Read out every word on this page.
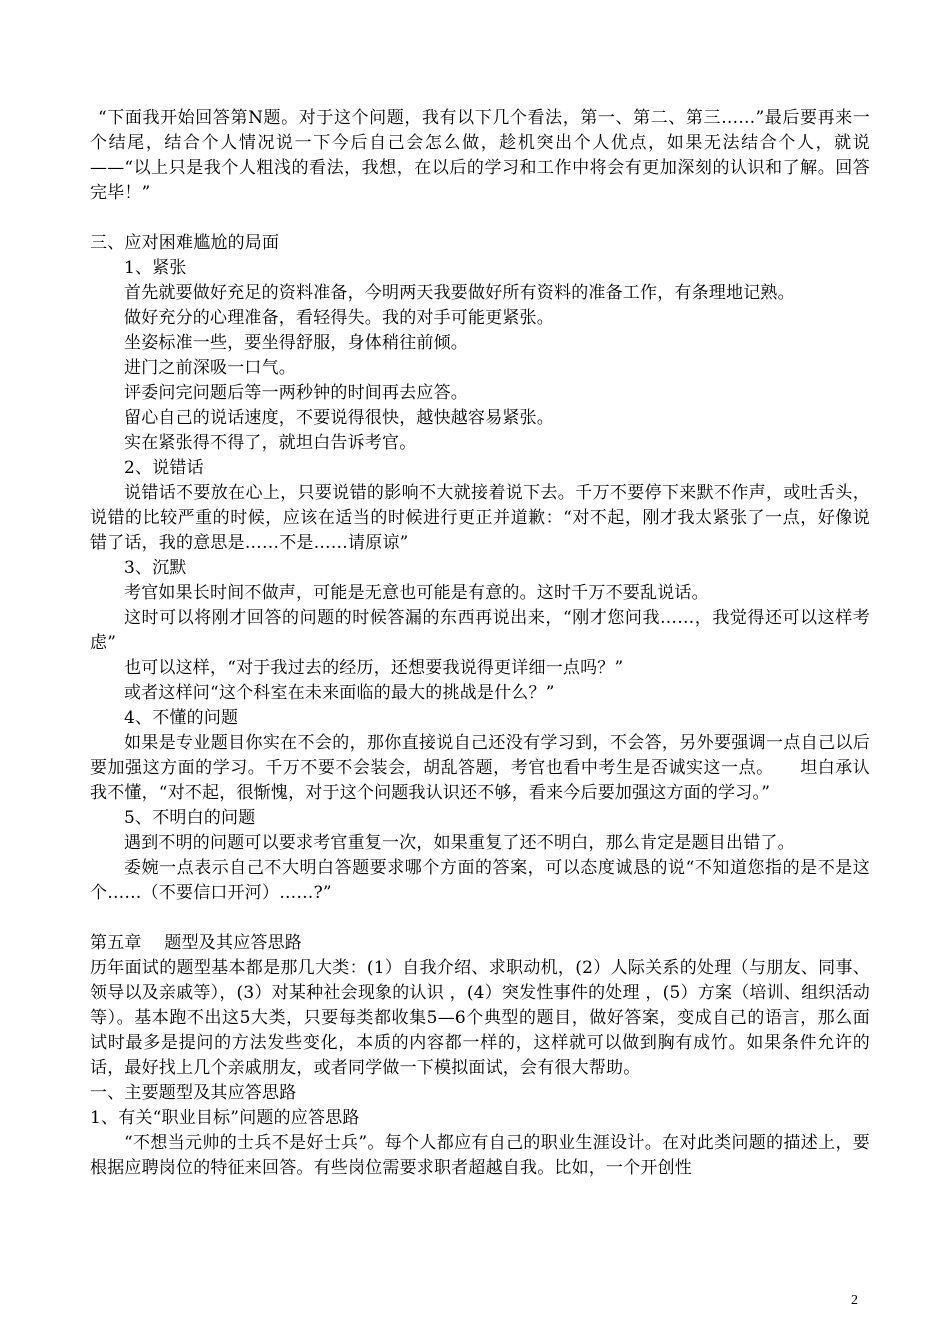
“下面我开始回答第N题。对于这个问题，我有以下几个看法，第一、第二、第三……”最后要再来一个结尾，结合个人情况说一下今后自己会怎么做，趁机突出个人优点，如果无法结合个人，就说——“以上只是我个人粗浅的看法，我想，在以后的学习和工作中将会有更加深刻的认识和了解。回答完毕！”

三、应对困难尴尬的局面

1、紧张

首先就要做好充足的资料准备，今明两天我要做好所有资料的准备工作，有条理地记熟。

做好充分的心理准备，看轻得失。我的对手可能更紧张。

坐姿标准一些，要坐得舒服，身体稍往前倾。

进门之前深吸一口气。

评委问完问题后等一两秒钟的时间再去应答。

留心自己的说话速度，不要说得很快，越快越容易紧张。

实在紧张得不得了，就坦白告诉考官。

2、说错话

说错话不要放在心上，只要说错的影响不大就接着说下去。千万不要停下来默不作声，或吐舌头，说错的比较严重的时候，应该在适当的时候进行更正并道歉：“对不起，刚才我太紧张了一点，好像说错了话，我的意思是……不是……请原谅”

3、沉默

考官如果长时间不做声，可能是无意也可能是有意的。这时千万不要乱说话。

这时可以将刚才回答的问题的时候答漏的东西再说出来，“刚才您问我……，我觉得还可以这样考虑”

也可以这样，“对于我过去的经历，还想要我说得更详细一点吗？”

或者这样问“这个科室在未来面临的最大的挑战是什么？”

4、不懂的问题

如果是专业题目你实在不会的，那你直接说自己还没有学习到，不会答，另外要强调一点自己以后要加强这方面的学习。千万不要不会装会，胡乱答题，考官也看中考生是否诚实这一点。　　坦白承认我不懂，“对不起，很惭愧，对于这个问题我认识还不够，看来今后要加强这方面的学习。”

5、不明白的问题

遇到不明的问题可以要求考官重复一次，如果重复了还不明白，那么肯定是题目出错了。

委婉一点表示自己不大明白答题要求哪个方面的答案，可以态度诚恳的说“不知道您指的是不是这个……（不要信口开河）……?”

第五章　 题型及其应答思路

历年面试的题型基本都是那几大类：(1）自我介绍、求职动机，(2）人际关系的处理（与朋友、同事、领导以及亲戚等），(3）对某种社会现象的认识 ，(4）突发性事件的处理 ，(5）方案（培训、组织活动等）。基本跑不出这5大类，只要每类都收集5—6个典型的题目，做好答案，变成自己的语言，那么面试时最多是提问的方法发些变化，本质的内容都一样的，这样就可以做到胸有成竹。如果条件允许的话，最好找上几个亲戚朋友，或者同学做一下模拟面试，会有很大帮助。

一、主要题型及其应答思路

1、有关“职业目标”问题的应答思路

“不想当元帅的士兵不是好士兵”。每个人都应有自己的职业生涯设计。在对此类问题的描述上，要根据应聘岗位的特征来回答。有些岗位需要求职者超越自我。比如，一个开创性

2
